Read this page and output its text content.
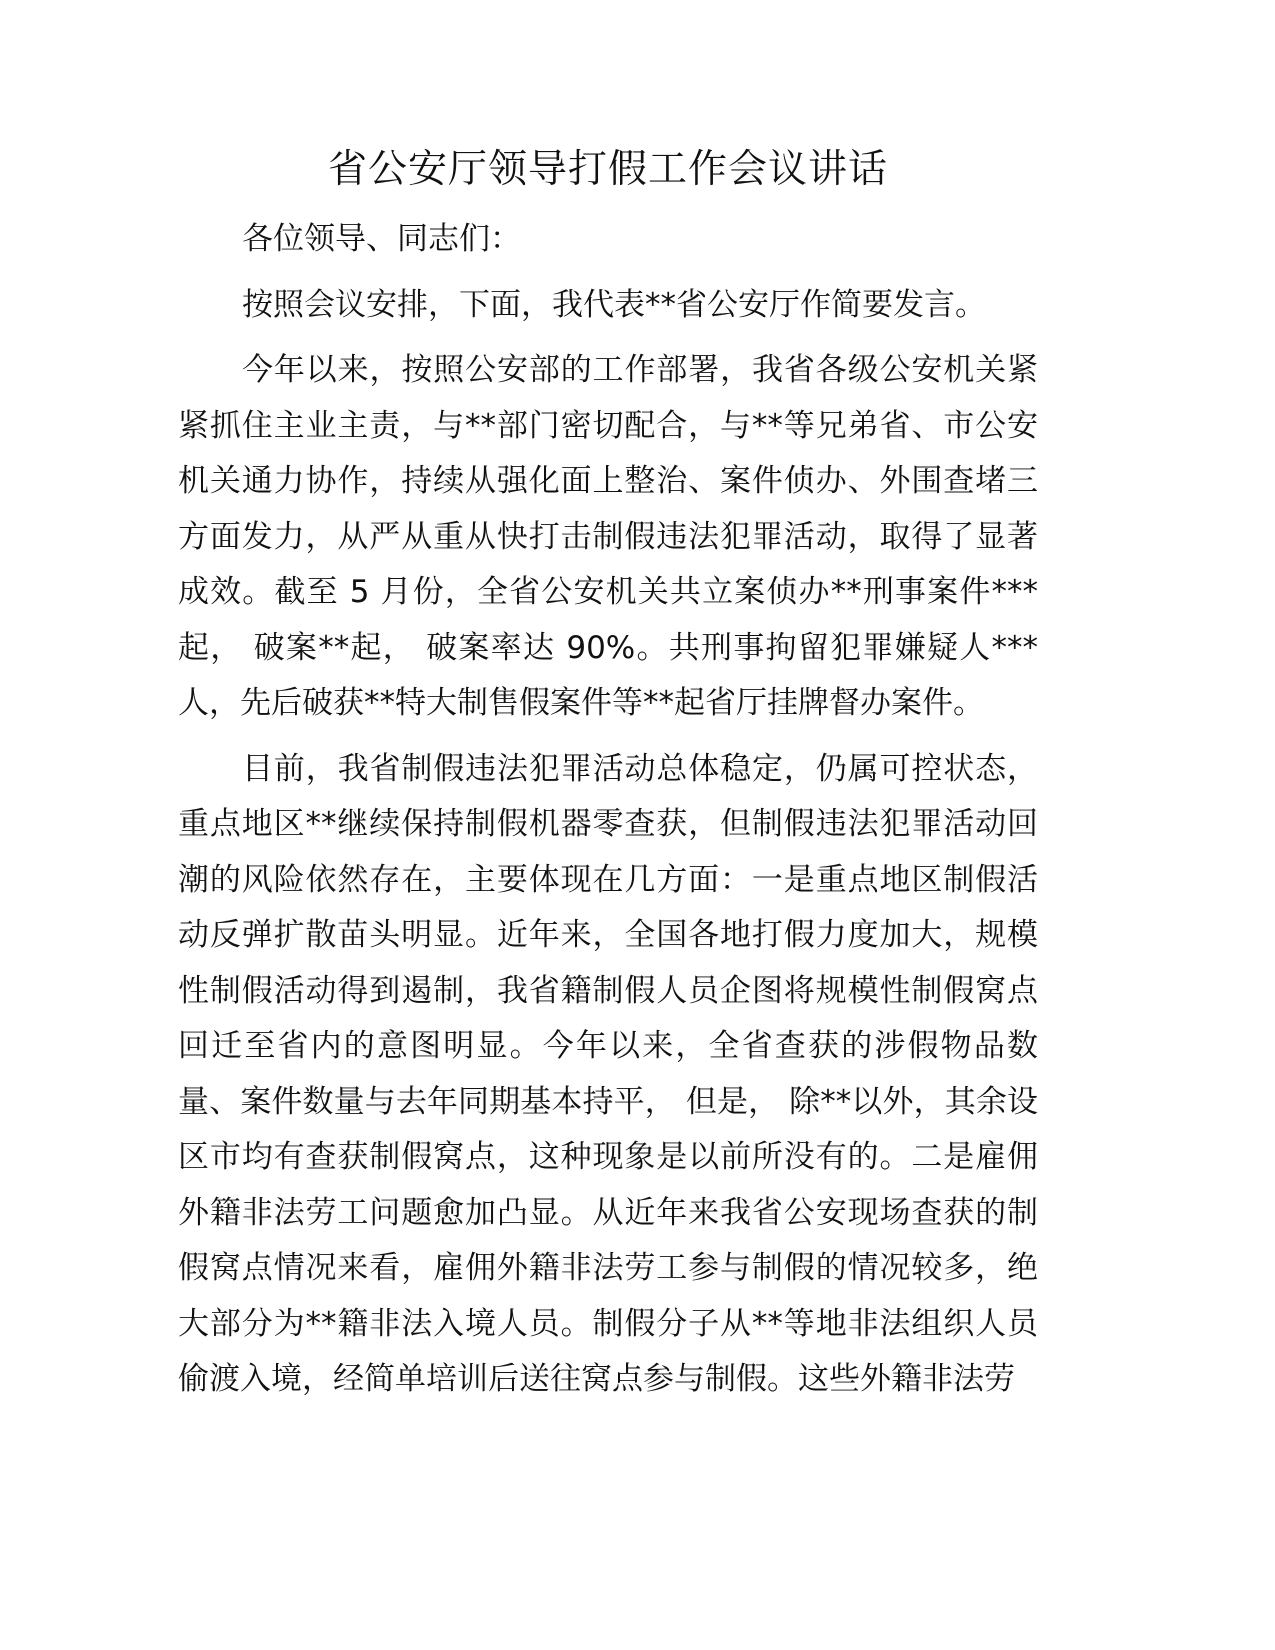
省公安厅领导打假工作会议讲话

各位领导、同志们：

按照会议安排，下面，我代表**省公安厅作简要发言。

今年以来，按照公安部的工作部署，我省各级公安机关紧紧抓住主业主责，与**部门密切配合，与**等兄弟省、市公安机关通力协作，持续从强化面上整治、案件侦办、外围查堵三方面发力，从严从重从快打击制假违法犯罪活动，取得了显著成效。截至 5 月份，全省公安机关共立案侦办**刑事案件***起， 破案**起， 破案率达 90%。共刑事拘留犯罪嫌疑人***人，先后破获**特大制售假案件等**起省厅挂牌督办案件。

目前，我省制假违法犯罪活动总体稳定，仍属可控状态，重点地区**继续保持制假机器零查获，但制假违法犯罪活动回潮的风险依然存在，主要体现在几方面：一是重点地区制假活动反弹扩散苗头明显。近年来，全国各地打假力度加大，规模性制假活动得到遏制，我省籍制假人员企图将规模性制假窝点回迁至省内的意图明显。今年以来，全省查获的涉假物品数量、案件数量与去年同期基本持平， 但是， 除**以外，其余设区市均有查获制假窝点，这种现象是以前所没有的。二是雇佣外籍非法劳工问题愈加凸显。从近年来我省公安现场查获的制假窝点情况来看，雇佣外籍非法劳工参与制假的情况较多，绝大部分为**籍非法入境人员。制假分子从**等地非法组织人员偷渡入境，经简单培训后送往窝点参与制假。这些外籍非法劳
